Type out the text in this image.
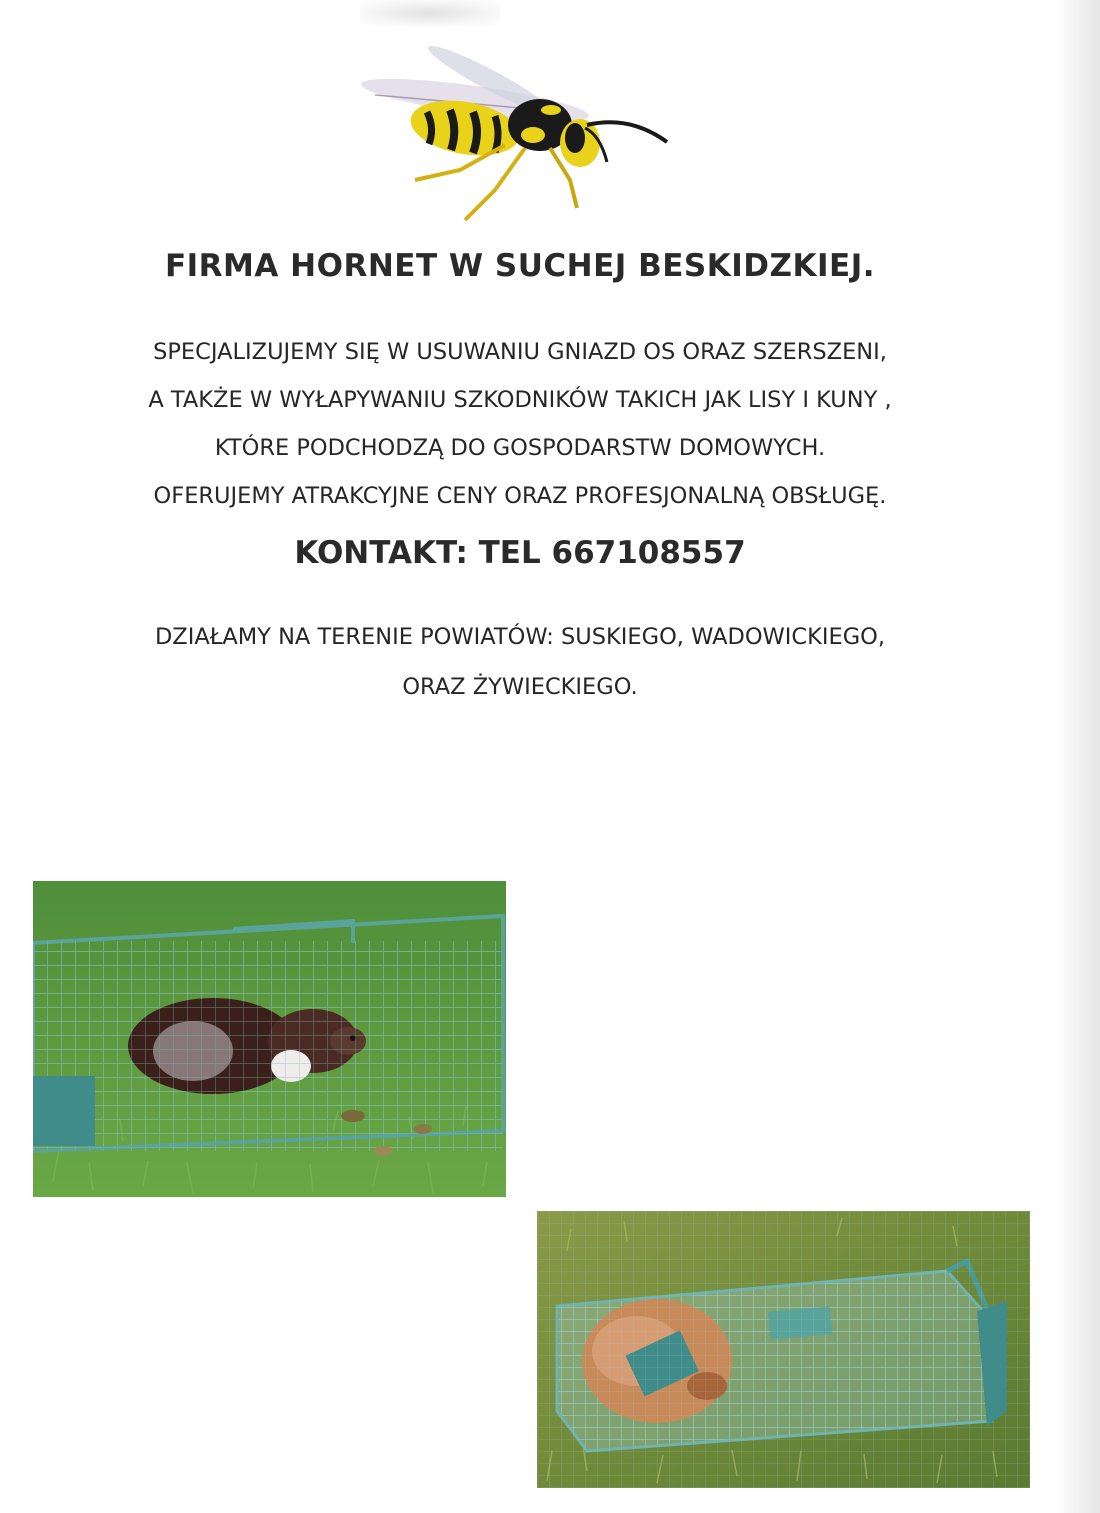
FIRMA HORNET W SUCHEJ BESKIDZKIEJ.
SPECJALIZUJEMY SIĘ W USUWANIU GNIAZD OS ORAZ SZERSZENI,
A TAKŻE W WYŁAPYWANIU SZKODNIKÓW TAKICH JAK LISY I KUNY ,
KTÓRE PODCHODZĄ DO GOSPODARSTW DOMOWYCH.
OFERUJEMY ATRAKCYJNE CENY ORAZ PROFESJONALNĄ OBSŁUGĘ.
KONTAKT: TEL 667108557
DZIAŁAMY NA TERENIE POWIATÓW: SUSKIEGO, WADOWICKIEGO,
ORAZ ŻYWIECKIEGO.
